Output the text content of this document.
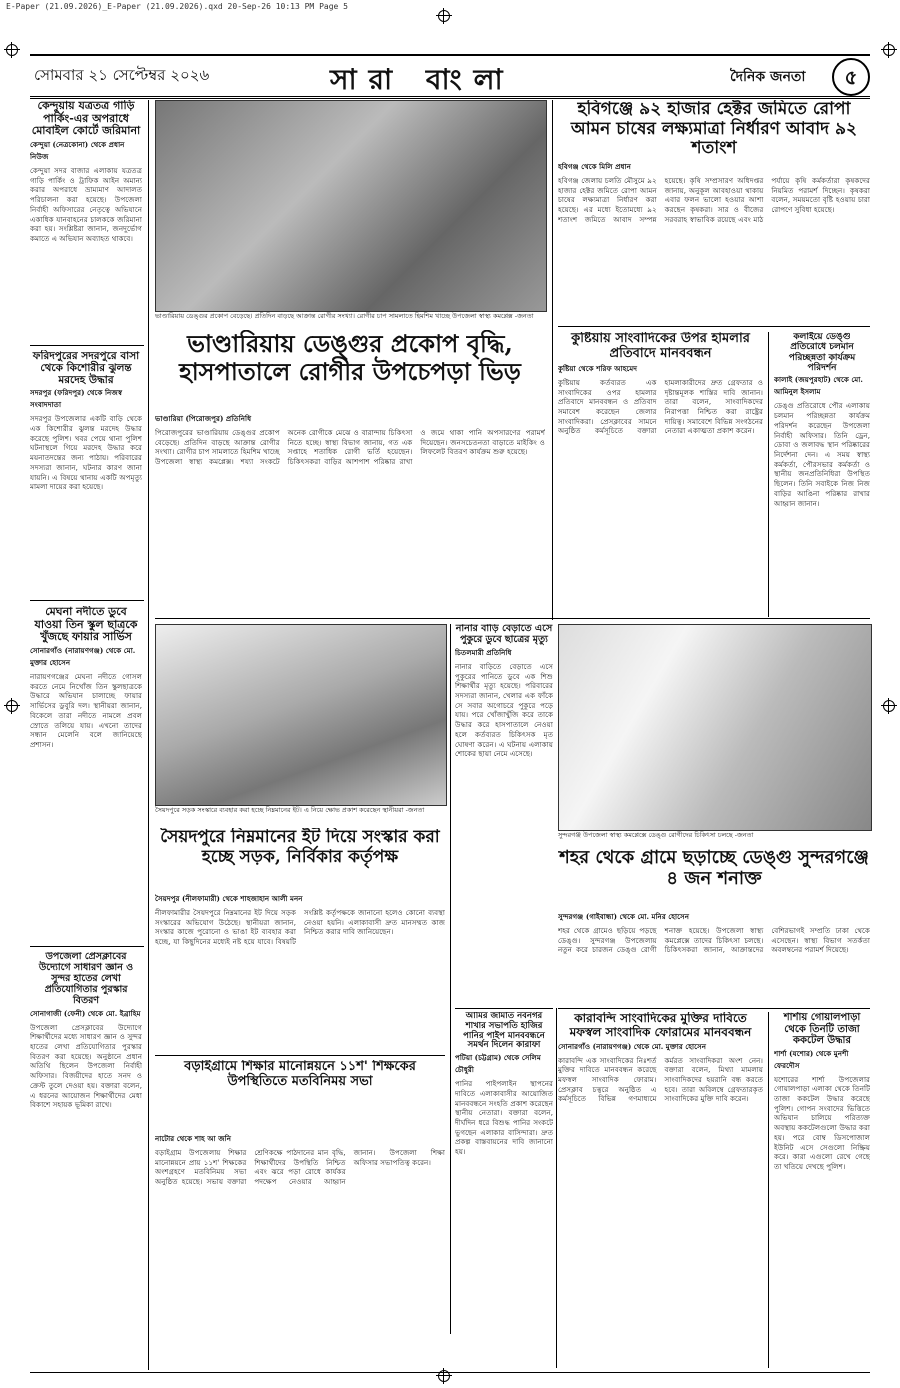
E-Paper (21.09.2026)_E-Paper (21.09.2026).qxd 20-Sep-26 10:13 PM Page 5
সোমবার ২১ সেপ্টেম্বর ২০২৬	সারা বাংলা	দৈনিক জনতা	৫
কেন্দুয়ায় যত্রতত্র গাড়ি পার্কিং-এর অপরাধে মোবাইল কোর্টে জরিমানা
কেন্দুয়া (নেত্রকোনা) থেকে প্রধান নিউজ
কেন্দুয়া সদর বাজার এলাকায় যত্রতত্র গাড়ি পার্কিং ও ট্রাফিক আইন অমান্য করার অপরাধে ভ্রাম্যমাণ আদালত পরিচালনা করা হয়েছে। উপজেলা নির্বাহী অফিসারের নেতৃত্বে অভিযানে একাধিক যানবাহনের চালককে জরিমানা করা হয়। সংশ্লিষ্টরা জানান, জনদুর্ভোগ কমাতে এ অভিযান অব্যাহত থাকবে।
ফরিদপুরের সদরপুরে বাসা থেকে কিশোরীর ঝুলন্ত মরদেহ উদ্ধার
সদরপুর (ফরিদপুর) থেকে নিজস্ব সংবাদদাতা
সদরপুর উপজেলার একটি বাড়ি থেকে এক কিশোরীর ঝুলন্ত মরদেহ উদ্ধার করেছে পুলিশ। খবর পেয়ে থানা পুলিশ ঘটনাস্থলে গিয়ে মরদেহ উদ্ধার করে ময়নাতদন্তের জন্য পাঠায়। পরিবারের সদস্যরা জানান, ঘটনার কারণ জানা যায়নি। এ বিষয়ে থানায় একটি অপমৃত্যু মামলা দায়ের করা হয়েছে।
মেঘনা নদীতে ডুবে যাওয়া তিন স্কুল ছাত্রকে খুঁজছে ফায়ার সার্ভিস
সোনারগাঁও (নারায়ণগঞ্জ) থেকে মো. মুক্তার হোসেন
নারায়ণগঞ্জের মেঘনা নদীতে গোসল করতে নেমে নিখোঁজ তিন স্কুলছাত্রকে উদ্ধারে অভিযান চালাচ্ছে ফায়ার সার্ভিসের ডুবুরি দল। স্থানীয়রা জানান, বিকেলে তারা নদীতে নামলে প্রবল স্রোতে তলিয়ে যায়। এখনো তাদের সন্ধান মেলেনি বলে জানিয়েছে প্রশাসন।
উপজেলা প্রেসক্লাবের উদ্যোগে সাধারণ জ্ঞান ও সুন্দর হাতের লেখা প্রতিযোগিতার পুরস্কার বিতরণ
সোনাগাজী (ফেনী) থেকে মো. ইব্রাহিম
উপজেলা প্রেসক্লাবের উদ্যোগে শিক্ষার্থীদের মধ্যে সাধারণ জ্ঞান ও সুন্দর হাতের লেখা প্রতিযোগিতার পুরস্কার বিতরণ করা হয়েছে। অনুষ্ঠানে প্রধান অতিথি ছিলেন উপজেলা নির্বাহী অফিসার। বিজয়ীদের হাতে সনদ ও ক্রেস্ট তুলে দেওয়া হয়। বক্তারা বলেন, এ ধরনের আয়োজন শিক্ষার্থীদের মেধা বিকাশে সহায়ক ভূমিকা রাখে।
ভাণ্ডারিয়ায় ডেঙ্গুর প্রকোপ বেড়েছে। প্রতিদিন বাড়ছে আক্রান্ত রোগীর সংখ্যা। রোগীর চাপ সামলাতে হিমশিম খাচ্ছে উপজেলা স্বাস্থ্য কমপ্লেক্স -জনতা
ভাণ্ডারিয়ায় ডেঙ্গুর প্রকোপ বৃদ্ধি, হাসপাতালে রোগীর উপচেপড়া ভিড়
ভাণ্ডারিয়া (পিরোজপুর) প্রতিনিধি
পিরোজপুরের ভাণ্ডারিয়ায় ডেঙ্গুর প্রকোপ বেড়েছে। প্রতিদিন বাড়ছে আক্রান্ত রোগীর সংখ্যা। রোগীর চাপ সামলাতে হিমশিম খাচ্ছে উপজেলা স্বাস্থ্য কমপ্লেক্স। শয্যা সংকটে অনেক রোগীকে মেঝে ও বারান্দায় চিকিৎসা নিতে হচ্ছে। স্বাস্থ্য বিভাগ জানায়, গত এক সপ্তাহে শতাধিক রোগী ভর্তি হয়েছেন। চিকিৎসকরা বাড়ির আশপাশ পরিষ্কার রাখা ও জমে থাকা পানি অপসারণের পরামর্শ দিয়েছেন। জনসচেতনতা বাড়াতে মাইকিং ও লিফলেট বিতরণ কার্যক্রম শুরু হয়েছে।
হবিগঞ্জে ৯২ হাজার হেক্টর জমিতে রোপা আমন চাষের লক্ষ্যমাত্রা নির্ধারণ আবাদ ৯২ শতাংশ
হবিগঞ্জ থেকে মিলি প্রধান
হবিগঞ্জ জেলায় চলতি মৌসুমে ৯২ হাজার হেক্টর জমিতে রোপা আমন চাষের লক্ষ্যমাত্রা নির্ধারণ করা হয়েছে। এর মধ্যে ইতোমধ্যে ৯২ শতাংশ জমিতে আবাদ সম্পন্ন হয়েছে। কৃষি সম্প্রসারণ অধিদপ্তর জানায়, অনুকূল আবহাওয়া থাকায় এবার ফলন ভালো হওয়ার আশা করছেন কৃষকরা। সার ও বীজের সরবরাহ স্বাভাবিক রয়েছে এবং মাঠ পর্যায়ে কৃষি কর্মকর্তারা কৃষকদের নিয়মিত পরামর্শ দিচ্ছেন। কৃষকরা বলেন, সময়মতো বৃষ্টি হওয়ায় চারা রোপণে সুবিধা হয়েছে।
কুষ্টিয়ায় সাংবাদিকের উপর হামলার প্রতিবাদে মানববন্ধন
কুষ্টিয়া থেকে শরিফ আহমেদ
কুষ্টিয়ায় কর্তব্যরত এক সাংবাদিকের ওপর হামলার প্রতিবাদে মানববন্ধন ও প্রতিবাদ সমাবেশ করেছেন জেলার সাংবাদিকরা। প্রেসক্লাবের সামনে অনুষ্ঠিত কর্মসূচিতে বক্তারা হামলাকারীদের দ্রুত গ্রেফতার ও দৃষ্টান্তমূলক শাস্তির দাবি জানান। তারা বলেন, সাংবাদিকদের নিরাপত্তা নিশ্চিত করা রাষ্ট্রের দায়িত্ব। সমাবেশে বিভিন্ন সংগঠনের নেতারা একাত্মতা প্রকাশ করেন।
কলাইয়ে ডেঙ্গু প্রতিরোধে চলমান পরিচ্ছন্নতা কার্যক্রম পরিদর্শন
কালাই (জয়পুরহাট) থেকে মো. আমিনুল ইসলাম
ডেঙ্গু প্রতিরোধে পৌর এলাকায় চলমান পরিচ্ছন্নতা কার্যক্রম পরিদর্শন করেছেন উপজেলা নির্বাহী অফিসার। তিনি ড্রেন, ডোবা ও জলাবদ্ধ স্থান পরিষ্কারের নির্দেশনা দেন। এ সময় স্বাস্থ্য কর্মকর্তা, পৌরসভার কর্মকর্তা ও স্থানীয় জনপ্রতিনিধিরা উপস্থিত ছিলেন। তিনি সবাইকে নিজ নিজ বাড়ির আঙিনা পরিষ্কার রাখার আহ্বান জানান।
সৈয়দপুরে সড়ক সংস্কারে ব্যবহার করা হচ্ছে নিম্নমানের ইট। এ নিয়ে ক্ষোভ প্রকাশ করেছেন স্থানীয়রা -জনতা
নানার বাড়ি বেড়াতে এসে পুকুরে ডুবে ছাত্রের মৃত্যু
চিতলমারী প্রতিনিধি
নানার বাড়িতে বেড়াতে এসে পুকুরের পানিতে ডুবে এক শিশু শিক্ষার্থীর মৃত্যু হয়েছে। পরিবারের সদস্যরা জানান, খেলার এক ফাঁকে সে সবার অগোচরে পুকুরে পড়ে যায়। পরে খোঁজাখুঁজি করে তাকে উদ্ধার করে হাসপাতালে নেওয়া হলে কর্তব্যরত চিকিৎসক মৃত ঘোষণা করেন। এ ঘটনায় এলাকায় শোকের ছায়া নেমে এসেছে।
সুন্দরগঞ্জ উপজেলা স্বাস্থ্য কমপ্লেক্সে ডেঙ্গু রোগীদের চিকিৎসা চলছে -জনতা
শহর থেকে গ্রামে ছড়াচ্ছে ডেঙ্গু সুন্দরগঞ্জে ৪ জন শনাক্ত
সুন্দরগঞ্জ (গাইবান্ধা) থেকে মো. মনির হোসেন
শহর থেকে গ্রামেও ছড়িয়ে পড়ছে ডেঙ্গু। সুন্দরগঞ্জ উপজেলায় নতুন করে চারজন ডেঙ্গু রোগী শনাক্ত হয়েছে। উপজেলা স্বাস্থ্য কমপ্লেক্সে তাদের চিকিৎসা চলছে। চিকিৎসকরা জানান, আক্রান্তদের বেশিরভাগই সম্প্রতি ঢাকা থেকে এসেছেন। স্বাস্থ্য বিভাগ সতর্কতা অবলম্বনের পরামর্শ দিয়েছে।
সৈয়দপুরে নিম্নমানের ইট দিয়ে সংস্কার করা হচ্ছে সড়ক, নির্বিকার কর্তৃপক্ষ
সৈয়দপুর (নীলফামারী) থেকে শাহজাহান আলী মনন
নীলফামারীর সৈয়দপুরে নিম্নমানের ইট দিয়ে সড়ক সংস্কারের অভিযোগ উঠেছে। স্থানীয়রা জানান, সংস্কার কাজে পুরোনো ও ভাঙা ইট ব্যবহার করা হচ্ছে, যা কিছুদিনের মধ্যেই নষ্ট হয়ে যাবে। বিষয়টি সংশ্লিষ্ট কর্তৃপক্ষকে জানানো হলেও কোনো ব্যবস্থা নেওয়া হয়নি। এলাকাবাসী দ্রুত মানসম্মত কাজ নিশ্চিত করার দাবি জানিয়েছেন।
বড়াইগ্রামে শিক্ষার মানোন্নয়নে ১১শ' শিক্ষকের উপস্থিতিতে মতবিনিময় সভা
নাটোর থেকে শাহ আ জনি
বড়াইগ্রাম উপজেলায় শিক্ষার মানোন্নয়নে প্রায় ১১শ' শিক্ষকের অংশগ্রহণে মতবিনিময় সভা অনুষ্ঠিত হয়েছে। সভায় বক্তারা শ্রেণিকক্ষে পাঠদানের মান বৃদ্ধি, শিক্ষার্থীদের উপস্থিতি নিশ্চিত এবং ঝরে পড়া রোধে কার্যকর পদক্ষেপ নেওয়ার আহ্বান জানান। উপজেলা শিক্ষা অফিসার সভাপতিত্ব করেন।
আমির জামাত নবনগর শাখার সভাপতি হাজির পানির পাইপ মানববন্ধনে সমর্থন দিলেন কারাফা
পটিয়া (চট্টগ্রাম) থেকে সেলিম চৌধুরী
পানির পাইপলাইন স্থাপনের দাবিতে এলাকাবাসীর আয়োজিত মানববন্ধনে সংহতি প্রকাশ করেছেন স্থানীয় নেতারা। বক্তারা বলেন, দীর্ঘদিন ধরে বিশুদ্ধ পানির সংকটে ভুগছেন এলাকার বাসিন্দারা। দ্রুত প্রকল্প বাস্তবায়নের দাবি জানানো হয়।
কারাবন্দি সাংবাদিকের মুক্তির দাবিতে মফস্বল সাংবাদিক ফোরামের মানববন্ধন
সোনারগাঁও (নারায়ণগঞ্জ) থেকে মো. মুক্তার হোসেন
কারাবন্দি এক সাংবাদিকের নিঃশর্ত মুক্তির দাবিতে মানববন্ধন করেছে মফস্বল সাংবাদিক ফোরাম। প্রেসক্লাব চত্বরে অনুষ্ঠিত এ কর্মসূচিতে বিভিন্ন গণমাধ্যমে কর্মরত সাংবাদিকরা অংশ নেন। বক্তারা বলেন, মিথ্যা মামলায় সাংবাদিকদের হয়রানি বন্ধ করতে হবে। তারা অবিলম্বে গ্রেফতারকৃত সাংবাদিকের মুক্তি দাবি করেন।
শার্শায় গোয়ালপাড়া থেকে তিনটি তাজা ককটেল উদ্ধার
শার্শা (যশোর) থেকে মুনশী ফেরদৌস
যশোরের শার্শা উপজেলার গোয়ালপাড়া এলাকা থেকে তিনটি তাজা ককটেল উদ্ধার করেছে পুলিশ। গোপন সংবাদের ভিত্তিতে অভিযান চালিয়ে পরিত্যক্ত অবস্থায় ককটেলগুলো উদ্ধার করা হয়। পরে বোম্ব ডিসপোজাল ইউনিট এসে সেগুলো নিষ্ক্রিয় করে। কারা এগুলো রেখে গেছে তা খতিয়ে দেখছে পুলিশ।
